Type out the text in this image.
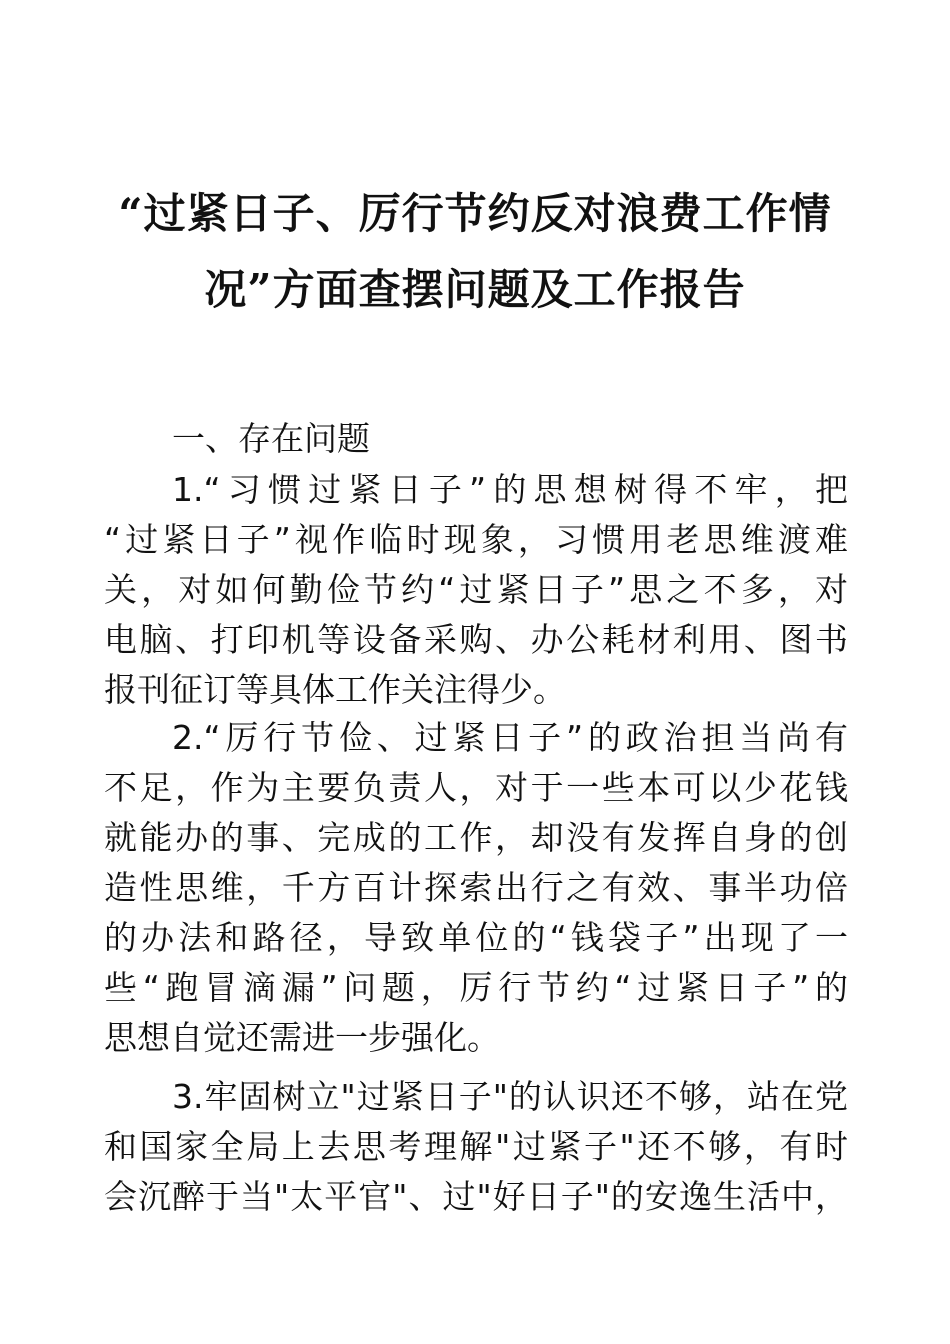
“过紧日子、厉行节约反对浪费工作情
况”方面查摆问题及工作报告
一、存在问题
1.“习惯过紧日子”的思想树得不牢，把
“过紧日子”视作临时现象，习惯用老思维渡难
关，对如何勤俭节约“过紧日子”思之不多，对
电脑、打印机等设备采购、办公耗材利用、图书
报刊征订等具体工作关注得少。
2.“厉行节俭、过紧日子”的政治担当尚有
不足，作为主要负责人，对于一些本可以少花钱
就能办的事、完成的工作，却没有发挥自身的创
造性思维，千方百计探索出行之有效、事半功倍
的办法和路径，导致单位的“钱袋子”出现了一
些“跑冒滴漏”问题，厉行节约“过紧日子”的
思想自觉还需进一步强化。
3.牢固树立"过紧日子"的认识还不够，站在党
和国家全局上去思考理解"过紧子"还不够，有时
会沉醉于当"太平官"、过"好日子"的安逸生活中，
